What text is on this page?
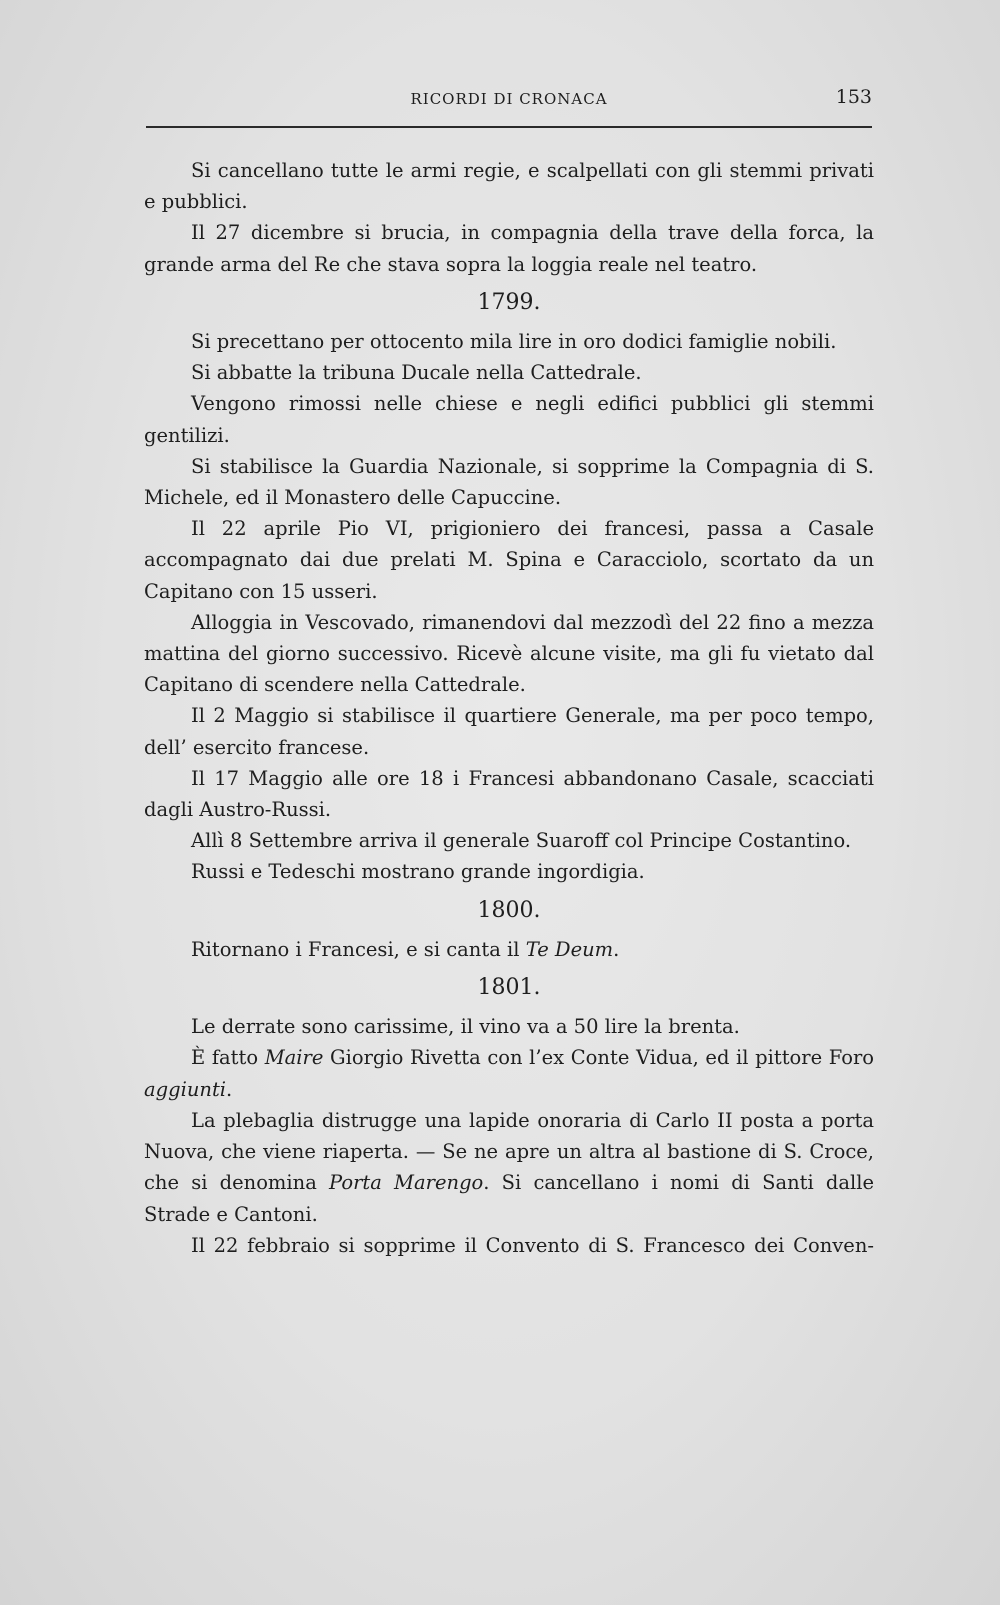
RICORDI DI CRONACA	153

Si cancellano tutte le armi regie, e scalpellati con gli stemmi privati e pubblici.

Il 27 dicembre si brucia, in compagnia della trave della forca, la grande arma del Re che stava sopra la loggia reale nel teatro.

1799.

Si precettano per ottocento mila lire in oro dodici famiglie nobili.

Si abbatte la tribuna Ducale nella Cattedrale.

Vengono rimossi nelle chiese e negli edifici pubblici gli stemmi gentilizi.

Si stabilisce la Guardia Nazionale, si sopprime la Compagnia di S. Michele, ed il Monastero delle Capuccine.

Il 22 aprile Pio VI, prigioniero dei francesi, passa a Casale accompagnato dai due prelati M. Spina e Caracciolo, scortato da un Capitano con 15 usseri.

Alloggia in Vescovado, rimanendovi dal mezzodì del 22 fino a mezza mattina del giorno successivo. Ricevè alcune visite, ma gli fu vietato dal Capitano di scendere nella Cattedrale.

Il 2 Maggio si stabilisce il quartiere Generale, ma per poco tempo, dell’ esercito francese.

Il 17 Maggio alle ore 18 i Francesi abbandonano Casale, scacciati dagli Austro-Russi.

Allì 8 Settembre arriva il generale Suaroff col Principe Costantino.

Russi e Tedeschi mostrano grande ingordigia.

1800.

Ritornano i Francesi, e si canta il Te Deum.

1801.

Le derrate sono carissime, il vino va a 50 lire la brenta.

È fatto Maire Giorgio Rivetta con l’ex Conte Vidua, ed il pittore Foro aggiunti.

La plebaglia distrugge una lapide onoraria di Carlo II posta a porta Nuova, che viene riaperta. — Se ne apre un altra al bastione di S. Croce, che si denomina Porta Marengo. Si cancellano i nomi di Santi dalle Strade e Cantoni.

Il 22 febbraio si sopprime il Convento di S. Francesco dei Conven-
